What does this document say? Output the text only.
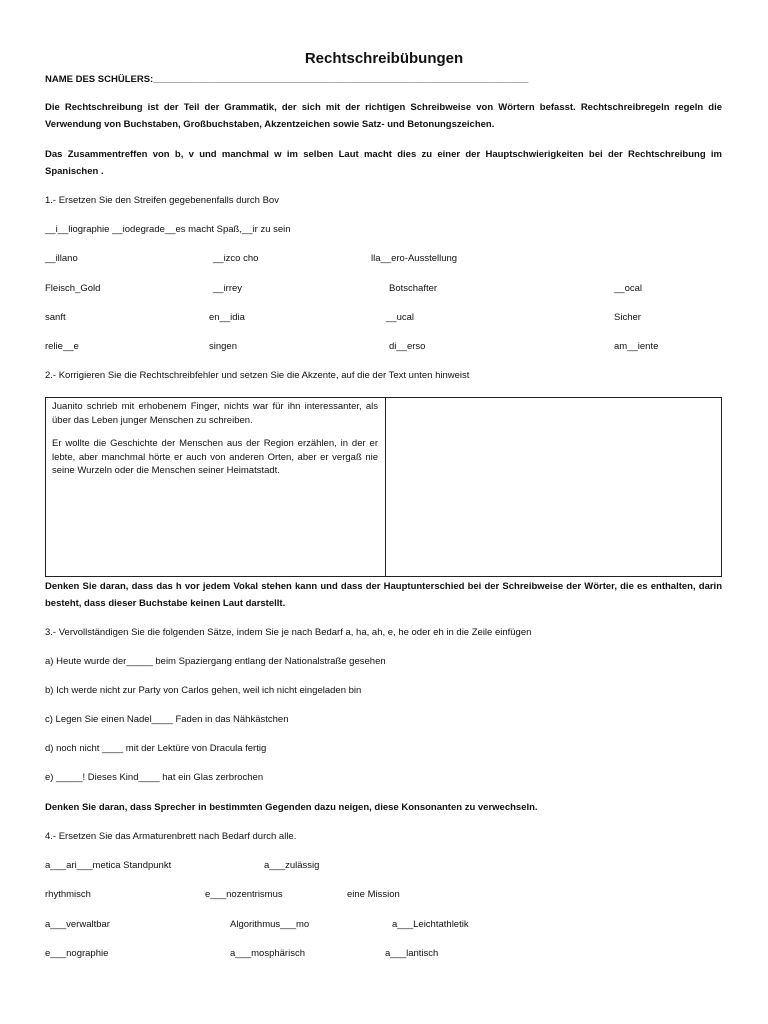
Rechtschreibübungen
NAME DES SCHÜLERS:_______________________________________________________________________
Die Rechtschreibung ist der Teil der Grammatik, der sich mit der richtigen Schreibweise von Wörtern befasst. Rechtschreibregeln regeln die Verwendung von Buchstaben, Großbuchstaben, Akzentzeichen sowie Satz- und Betonungszeichen.
Das Zusammentreffen von b, v und manchmal w im selben Laut macht dies zu einer der Hauptschwierigkeiten bei der Rechtschreibung im Spanischen .
1.- Ersetzen Sie den Streifen gegebenenfalls durch Bov
__i__liographie __iodegrade__es macht Spaß,__ir zu sein
__illano	__izco cho	lla__ero-Ausstellung
Fleisch_Gold	__irrey	Botschafter	__ocal
sanft	en__idia	__ucal	Sicher
relie__e	singen	di__erso	am__iente
2.- Korrigieren Sie die Rechtschreibfehler und setzen Sie die Akzente, auf die der Text unten hinweist

Juanito schrieb mit erhobenem Finger, nichts war für ihn interessanter, als über das Leben junger Menschen zu schreiben.

Er wollte die Geschichte der Menschen aus der Region erzählen, in der er lebte, aber manchmal hörte er auch von anderen Orten, aber er vergaß nie seine Wurzeln oder die Menschen seiner Heimatstadt.

Denken Sie daran, dass das h vor jedem Vokal stehen kann und dass der Hauptunterschied bei der Schreibweise der Wörter, die es enthalten, darin besteht, dass dieser Buchstabe keinen Laut darstellt.
3.- Vervollständigen Sie die folgenden Sätze, indem Sie je nach Bedarf a, ha, ah, e, he oder eh in die Zeile einfügen
a) Heute wurde der_____ beim Spaziergang entlang der Nationalstraße gesehen
b) Ich werde nicht zur Party von Carlos gehen, weil ich nicht eingeladen bin
c) Legen Sie einen Nadel____ Faden in das Nähkästchen
d) noch nicht ____ mit der Lektüre von Dracula fertig
e) _____! Dieses Kind____ hat ein Glas zerbrochen
Denken Sie daran, dass Sprecher in bestimmten Gegenden dazu neigen, diese Konsonanten zu verwechseln.
4.- Ersetzen Sie das Armaturenbrett nach Bedarf durch alle.
a___ari___metica Standpunkt	a___zulässig
rhythmisch	e___nozentrismus	eine Mission
a___verwaltbar	Algorithmus___mo	a___Leichtathletik
e___nographie	a___mosphärisch	a___lantisch
